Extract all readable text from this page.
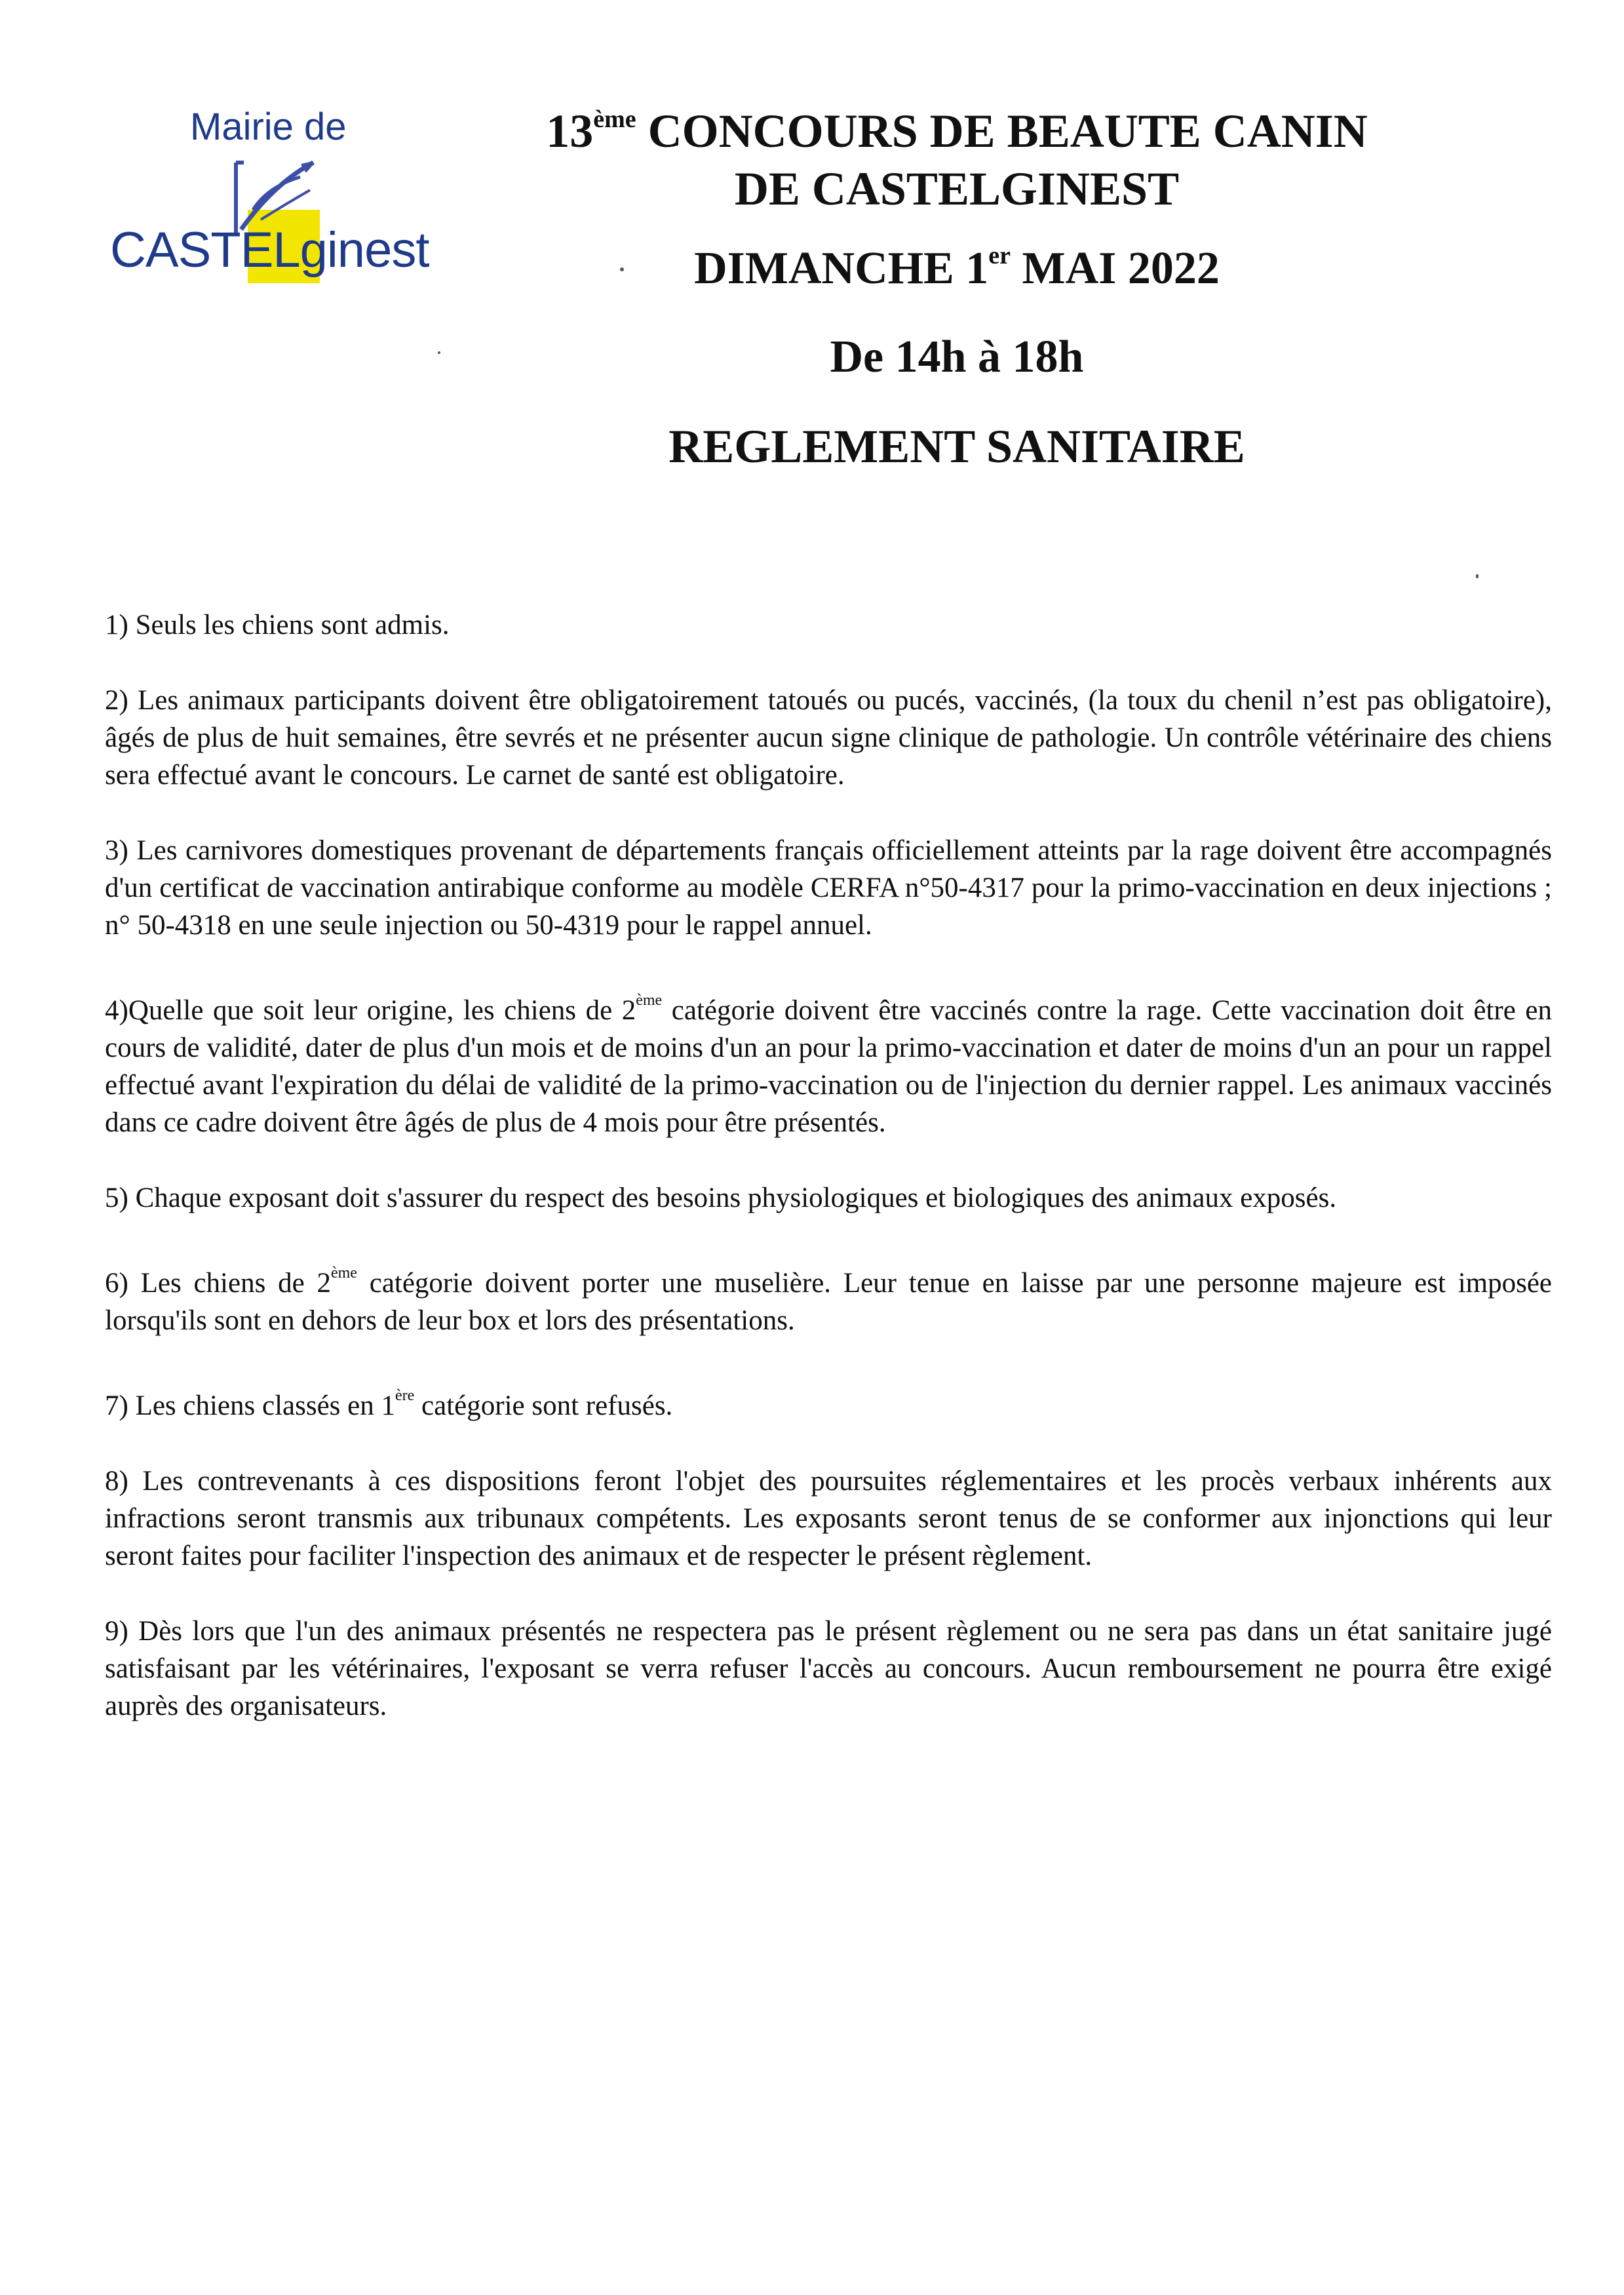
Mairie de
CASTELginest
13ème CONCOURS DE BEAUTE CANIN
DE CASTELGINEST
DIMANCHE 1er MAI 2022
De 14h à 18h
REGLEMENT SANITAIRE

1) Seuls les chiens sont admis.

2) Les animaux participants doivent être obligatoirement tatoués ou pucés, vaccinés, (la toux du chenil n’est pas obligatoire), âgés de plus de huit semaines, être sevrés et ne présenter aucun signe clinique de pathologie. Un contrôle vétérinaire des chiens sera effectué avant le concours. Le carnet de santé est obligatoire.

3) Les carnivores domestiques provenant de départements français officiellement atteints par la rage doivent être accompagnés d'un certificat de vaccination antirabique conforme au modèle CERFA n°50-4317 pour la primo-vaccination en deux injections ; n° 50-4318 en une seule injection ou 50-4319 pour le rappel annuel.

4)Quelle que soit leur origine, les chiens de 2ème catégorie doivent être vaccinés contre la rage. Cette vaccination doit être en cours de validité, dater de plus d'un mois et de moins d'un an pour la primo-vaccination et dater de moins d'un an pour un rappel effectué avant l'expiration du délai de validité de la primo-vaccination ou de l'injection du dernier rappel. Les animaux vaccinés dans ce cadre doivent être âgés de plus de 4 mois pour être présentés.

5) Chaque exposant doit s'assurer du respect des besoins physiologiques et biologiques des animaux exposés.

6) Les chiens de 2ème catégorie doivent porter une muselière. Leur tenue en laisse par une personne majeure est imposée lorsqu'ils sont en dehors de leur box et lors des présentations.

7) Les chiens classés en 1ère catégorie sont refusés.

8) Les contrevenants à ces dispositions feront l'objet des poursuites réglementaires et les procès verbaux inhérents aux infractions seront transmis aux tribunaux compétents. Les exposants seront tenus de se conformer aux injonctions qui leur seront faites pour faciliter l'inspection des animaux et de respecter le présent règlement.

9) Dès lors que l'un des animaux présentés ne respectera pas le présent règlement ou ne sera pas dans un état sanitaire jugé satisfaisant par les vétérinaires, l'exposant se verra refuser l'accès au concours. Aucun remboursement ne pourra être exigé auprès des organisateurs.
